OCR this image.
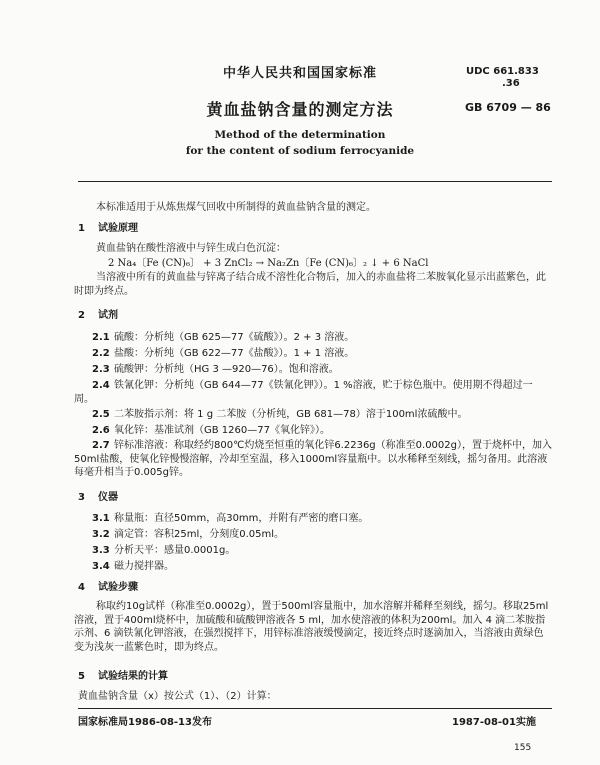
中华人民共和国国家标准	UDC 661.833
.36
黄血盐钠含量的测定方法	GB 6709 — 86
Method of the determination
for the content of sodium ferrocyanide
本标准适用于从炼焦煤气回收中所制得的黄血盐钠含量的测定。
1 试验原理
黄血盐钠在酸性溶液中与锌生成白色沉淀：
2 Na₄〔Fe (CN)₆〕 + 3 ZnCl₂ → Na₂Zn〔Fe (CN)₆〕₂ ↓ + 6 NaCl
当溶液中所有的黄血盐与锌离子结合成不溶性化合物后，加入的赤血盐将二苯胺氧化显示出蓝紫色，此时即为终点。
2 试剂
2.1 硫酸：分析纯（GB 625—77《硫酸》）。2 + 3 溶液。
2.2 盐酸：分析纯（GB 622—77《盐酸》）。1 + 1 溶液。
2.3 硫酸钾：分析纯（HG 3 —920—76）。饱和溶液。
2.4 铁氰化钾：分析纯（GB 644—77《铁氰化钾》）。1 %溶液，贮于棕色瓶中。使用期不得超过一周。
2.5 二苯胺指示剂：将 1 g 二苯胺（分析纯，GB 681—78）溶于100ml浓硫酸中。
2.6 氧化锌：基准试剂（GB 1260—77《氧化锌》）。
2.7 锌标准溶液：称取经约800℃灼烧至恒重的氧化锌6.2236g（称准至0.0002g），置于烧杯中，加入50ml盐酸，使氧化锌慢慢溶解，冷却至室温，移入1000ml容量瓶中。以水稀释至刻线，摇匀备用。此溶液每毫升相当于0.005g锌。
3 仪器
3.1 称量瓶：直径50mm，高30mm，并附有严密的磨口塞。
3.2 滴定管：容积25ml，分刻度0.05ml。
3.3 分析天平：感量0.0001g。
3.4 磁力搅拌器。
4 试验步骤
称取约10g试样（称准至0.0002g），置于500ml容量瓶中，加水溶解并稀释至刻线，摇匀。移取25ml溶液，置于400ml烧杯中，加硫酸和硫酸钾溶液各 5 ml，加水使溶液的体积为200ml。加入 4 滴二苯胺指示剂、6 滴铁氰化钾溶液，在强烈搅拌下，用锌标准溶液缓慢滴定，接近终点时逐滴加入，当溶液由黄绿色变为浅灰一蓝紫色时，即为终点。
5 试验结果的计算
黄血盐钠含量（x）按公式（1）、（2）计算：
国家标准局1986-08-13发布	1987-08-01实施
155
